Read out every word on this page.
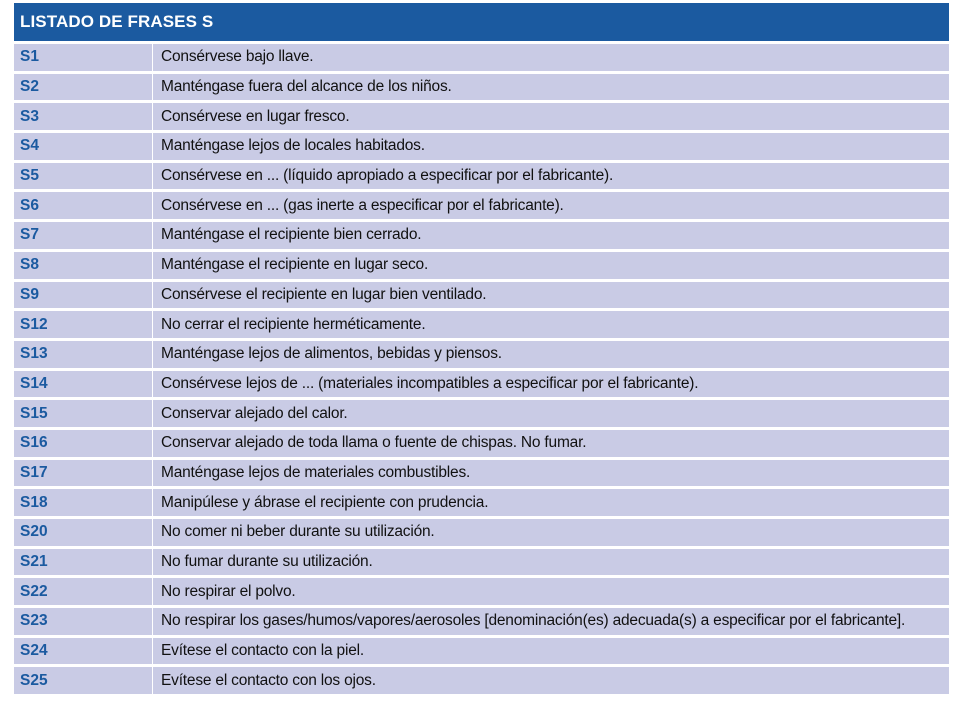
LISTADO DE FRASES S
S1	Consérvese bajo llave.
S2	Manténgase fuera del alcance de los niños.
S3	Consérvese en lugar fresco.
S4	Manténgase lejos de locales habitados.
S5	Consérvese en ... (líquido apropiado a especificar por el fabricante).
S6	Consérvese en ... (gas inerte a especificar por el fabricante).
S7	Manténgase el recipiente bien cerrado.
S8	Manténgase el recipiente en lugar seco.
S9	Consérvese el recipiente en lugar bien ventilado.
S12	No cerrar el recipiente herméticamente.
S13	Manténgase lejos de alimentos, bebidas y piensos.
S14	Consérvese lejos de ... (materiales incompatibles a especificar por el fabricante).
S15	Conservar alejado del calor.
S16	Conservar alejado de toda llama o fuente de chispas. No fumar.
S17	Manténgase lejos de materiales combustibles.
S18	Manipúlese y ábrase el recipiente con prudencia.
S20	No comer ni beber durante su utilización.
S21	No fumar durante su utilización.
S22	No respirar el polvo.
S23	No respirar los gases/humos/vapores/aerosoles [denominación(es) adecuada(s) a especificar por el fabricante].
S24	Evítese el contacto con la piel.
S25	Evítese el contacto con los ojos.
